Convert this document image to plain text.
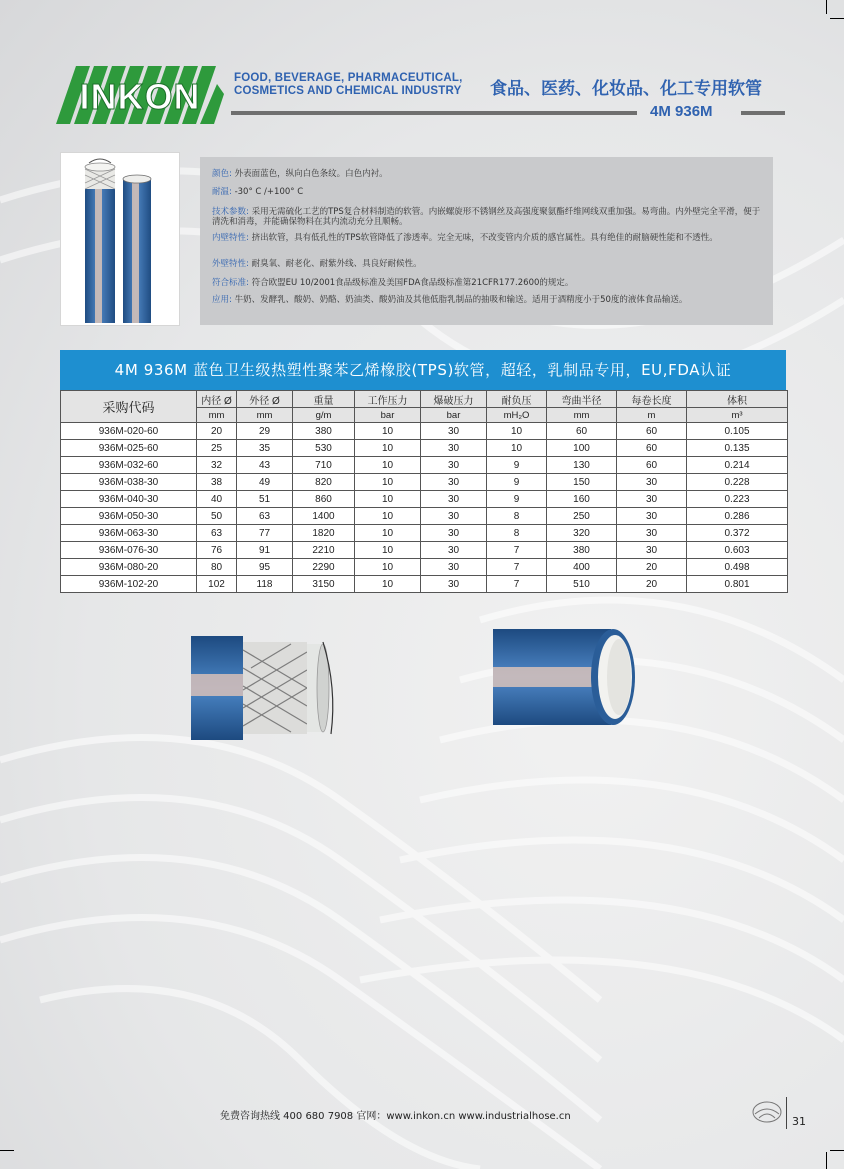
INKON	FOOD, BEVERAGE, PHARMACEUTICAL,
COSMETICS AND CHEMICAL INDUSTRY 食品、医药、化妆品、化工专用软管
4M 936M
颜色: 外表面蓝色，纵向白色条纹。白色内衬。
耐温: -30° C /+100° C
技术参数: 采用无需硫化工艺的TPS复合材料制造的软管。内嵌螺旋形不锈钢丝及高强度聚氨酯纤维网线双重加强。易弯曲。内外壁完全平滑，便于清洗和消毒，并能确保物料在其内流动充分且顺畅。
内壁特性: 挤出软管，具有低孔性的TPS软管降低了渗透率。完全无味，不改变管内介质的感官属性。具有绝佳的耐脑硬性能和不透性。
外壁特性: 耐臭氧、耐老化、耐紫外线、具良好耐候性。
符合标准: 符合欧盟EU 10/2001食品级标准及美国FDA食品级标准第21CFR177.2600的规定。
应用: 牛奶、发酵乳、酸奶、奶酪、奶油类、酸奶油及其他低脂乳制品的抽吸和输送。适用于酒精度小于50度的液体食品输送。
4M 936M 蓝色卫生级热塑性聚苯乙烯橡胶(TPS)软管，超轻，乳制品专用，EU,FDA认证
采购代码	内径 Ø	外径 Ø	重量	工作压力	爆破压力	耐负压	弯曲半径	每卷长度	体积
	mm	mm	g/m	bar	bar	mH₂O	mm	m	m³
936M-020-60	20	29	380	10	30	10	60	60	0.105
936M-025-60	25	35	530	10	30	10	100	60	0.135
936M-032-60	32	43	710	10	30	9	130	60	0.214
936M-038-30	38	49	820	10	30	9	150	30	0.228
936M-040-30	40	51	860	10	30	9	160	30	0.223
936M-050-30	50	63	1400	10	30	8	250	30	0.286
936M-063-30	63	77	1820	10	30	8	320	30	0.372
936M-076-30	76	91	2210	10	30	7	380	30	0.603
936M-080-20	80	95	2290	10	30	7	400	20	0.498
936M-102-20	102	118	3150	10	30	7	510	20	0.801
免费咨询热线 400 680 7908 官网：www.inkon.cn www.industrialhose.cn	31
